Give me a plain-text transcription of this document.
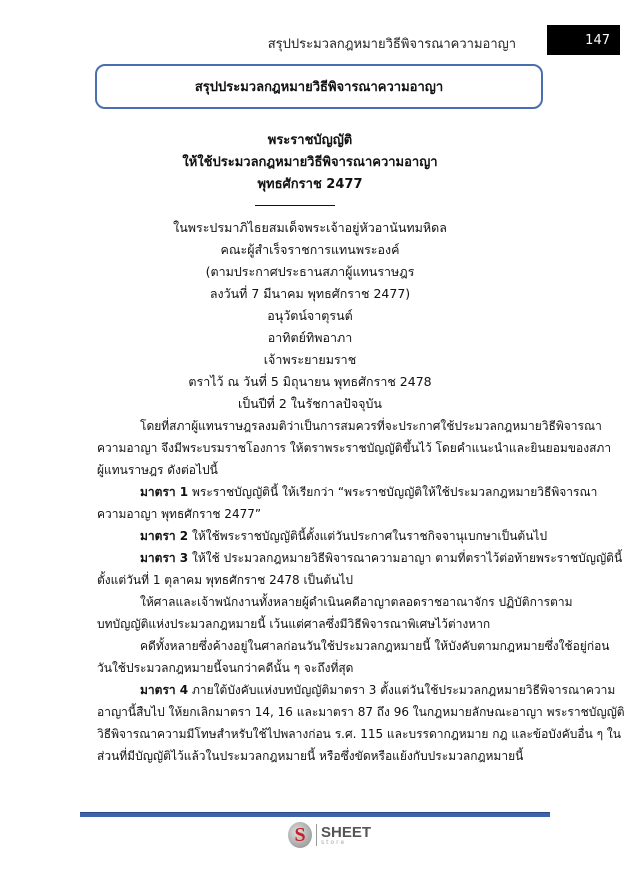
สรุปประมวลกฎหมายวิธีพิจารณาความอาญา	147
สรุปประมวลกฎหมายวิธีพิจารณาความอาญา
พระราชบัญญัติ
ให้ใช้ประมวลกฎหมายวิธีพิจารณาความอาญา
พุทธศักราช 2477
ในพระปรมาภิไธยสมเด็จพระเจ้าอยู่หัวอานันทมหิดล
คณะผู้สำเร็จราชการแทนพระองค์
(ตามประกาศประธานสภาผู้แทนราษฎร
ลงวันที่ 7 มีนาคม พุทธศักราช 2477)
อนุวัตน์จาตุรนต์
อาทิตย์ทิพอาภา
เจ้าพระยายมราช
ตราไว้ ณ วันที่ 5 มิถุนายน พุทธศักราช 2478
เป็นปีที่ 2 ในรัชกาลปัจจุบัน
โดยที่สภาผู้แทนราษฎรลงมติว่าเป็นการสมควรที่จะประกาศใช้ประมวลกฎหมายวิธีพิจารณา
ความอาญา จึงมีพระบรมราชโองการ ให้ตราพระราชบัญญัติขึ้นไว้ โดยคำแนะนำและยินยอมของสภา
ผู้แทนราษฎร ดังต่อไปนี้
มาตรา 1 พระราชบัญญัตินี้ ให้เรียกว่า “พระราชบัญญัติให้ใช้ประมวลกฎหมายวิธีพิจารณา
ความอาญา พุทธศักราช 2477”
มาตรา 2 ให้ใช้พระราชบัญญัตินี้ตั้งแต่วันประกาศในราชกิจจานุเบกษาเป็นต้นไป
มาตรา 3 ให้ใช้ ประมวลกฎหมายวิธีพิจารณาความอาญา ตามที่ตราไว้ต่อท้ายพระราชบัญญัตินี้
ตั้งแต่วันที่ 1 ตุลาคม พุทธศักราช 2478 เป็นต้นไป
ให้ศาลและเจ้าพนักงานทั้งหลายผู้ดำเนินคดีอาญาตลอดราชอาณาจักร ปฏิบัติการตาม
บทบัญญัติแห่งประมวลกฎหมายนี้ เว้นแต่ศาลซึ่งมีวิธีพิจารณาพิเศษไว้ต่างหาก
คดีทั้งหลายซึ่งค้างอยู่ในศาลก่อนวันใช้ประมวลกฎหมายนี้ ให้บังคับตามกฎหมายซึ่งใช้อยู่ก่อน
วันใช้ประมวลกฎหมายนี้จนกว่าคดีนั้น ๆ จะถึงที่สุด
มาตรา 4 ภายใต้บังคับแห่งบทบัญญัติมาตรา 3 ตั้งแต่วันใช้ประมวลกฎหมายวิธีพิจารณาความ
อาญานี้สืบไป ให้ยกเลิกมาตรา 14, 16 และมาตรา 87 ถึง 96 ในกฎหมายลักษณะอาญา พระราชบัญญัติ
วิธีพิจารณาความมีโทษสำหรับใช้ไปพลางก่อน ร.ศ. 115 และบรรดากฎหมาย กฎ และข้อบังคับอื่น ๆ ใน
ส่วนที่มีบัญญัติไว้แล้วในประมวลกฎหมายนี้ หรือซึ่งขัดหรือแย้งกับประมวลกฎหมายนี้
S	SHEET
store
